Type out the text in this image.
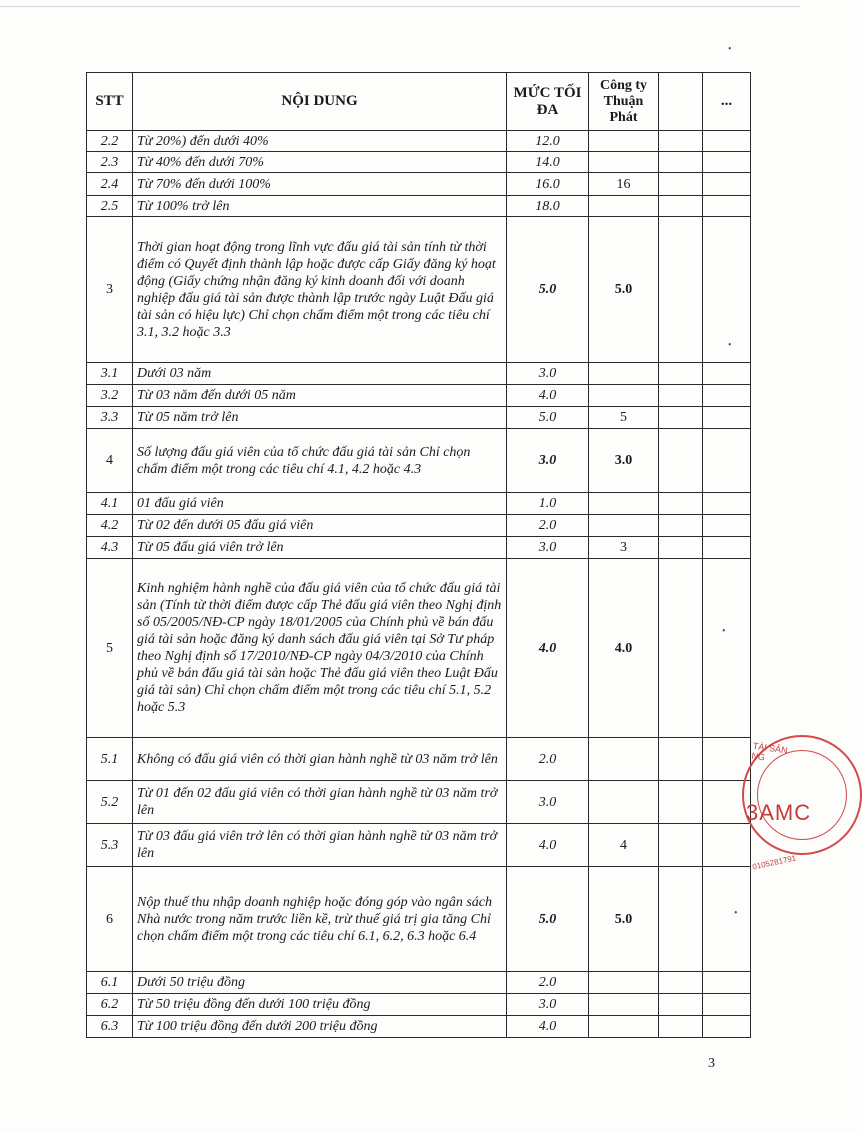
•
STT	NỘI DUNG	MỨC TỐI ĐA	Công ty Thuận Phát		...
2.2	Từ 20%) đến dưới 40%	12.0			
2.3	Từ 40% đến dưới 70%	14.0			
2.4	Từ 70% đến dưới 100%	16.0	16		
2.5	Từ 100% trở lên	18.0			
3	Thời gian hoạt động trong lĩnh vực đấu giá tài sản tính từ thời điểm có Quyết định thành lập hoặc được cấp Giấy đăng ký hoạt động (Giấy chứng nhận đăng ký kinh doanh đối với doanh nghiệp đấu giá tài sản được thành lập trước ngày Luật Đấu giá tài sản có hiệu lực) Chỉ chọn chấm điểm một trong các tiêu chí 3.1, 3.2 hoặc 3.3	5.0	5.0		
3.1	Dưới 03 năm	3.0			
3.2	Từ 03 năm đến dưới 05 năm	4.0			
3.3	Từ 05 năm trở lên	5.0	5		
4	Số lượng đấu giá viên của tổ chức đấu giá tài sản Chỉ chọn chấm điểm một trong các tiêu chí 4.1, 4.2 hoặc 4.3	3.0	3.0		
4.1	01 đấu giá viên	1.0			
4.2	Từ 02 đến dưới 05 đấu giá viên	2.0			
4.3	Từ 05 đấu giá viên trở lên	3.0	3		
5	Kinh nghiệm hành nghề của đấu giá viên của tổ chức đấu giá tài sản (Tính từ thời điểm được cấp Thẻ đấu giá viên theo Nghị định số 05/2005/NĐ-CP ngày 18/01/2005 của Chính phủ về bán đấu giá tài sản hoặc đăng ký danh sách đấu giá viên tại Sở Tư pháp theo Nghị định số 17/2010/NĐ-CP ngày 04/3/2010 của Chính phủ về bán đấu giá tài sản hoặc Thẻ đấu giá viên theo Luật Đấu giá tài sản) Chỉ chọn chấm điểm một trong các tiêu chí 5.1, 5.2 hoặc 5.3	4.0	4.0		
5.1	Không có đấu giá viên có thời gian hành nghề từ 03 năm trở lên	2.0			
5.2	Từ 01 đến 02 đấu giá viên có thời gian hành nghề từ 03 năm trở lên	3.0			
5.3	Từ 03 đấu giá viên trở lên có thời gian hành nghề từ 03 năm trở lên	4.0	4		
6	Nộp thuế thu nhập doanh nghiệp hoặc đóng góp vào ngân sách Nhà nước trong năm trước liền kề, trừ thuế giá trị gia tăng Chỉ chọn chấm điểm một trong các tiêu chí 6.1, 6.2, 6.3 hoặc 6.4	5.0	5.0		
6.1	Dưới 50 triệu đồng	2.0			
6.2	Từ 50 triệu đồng đến dưới 100 triệu đồng	3.0			
6.3	Từ 100 triệu đồng đến dưới 200 triệu đồng	4.0			
•
•
•
TÀI SẢN NG
3AMC
0105281791
3
